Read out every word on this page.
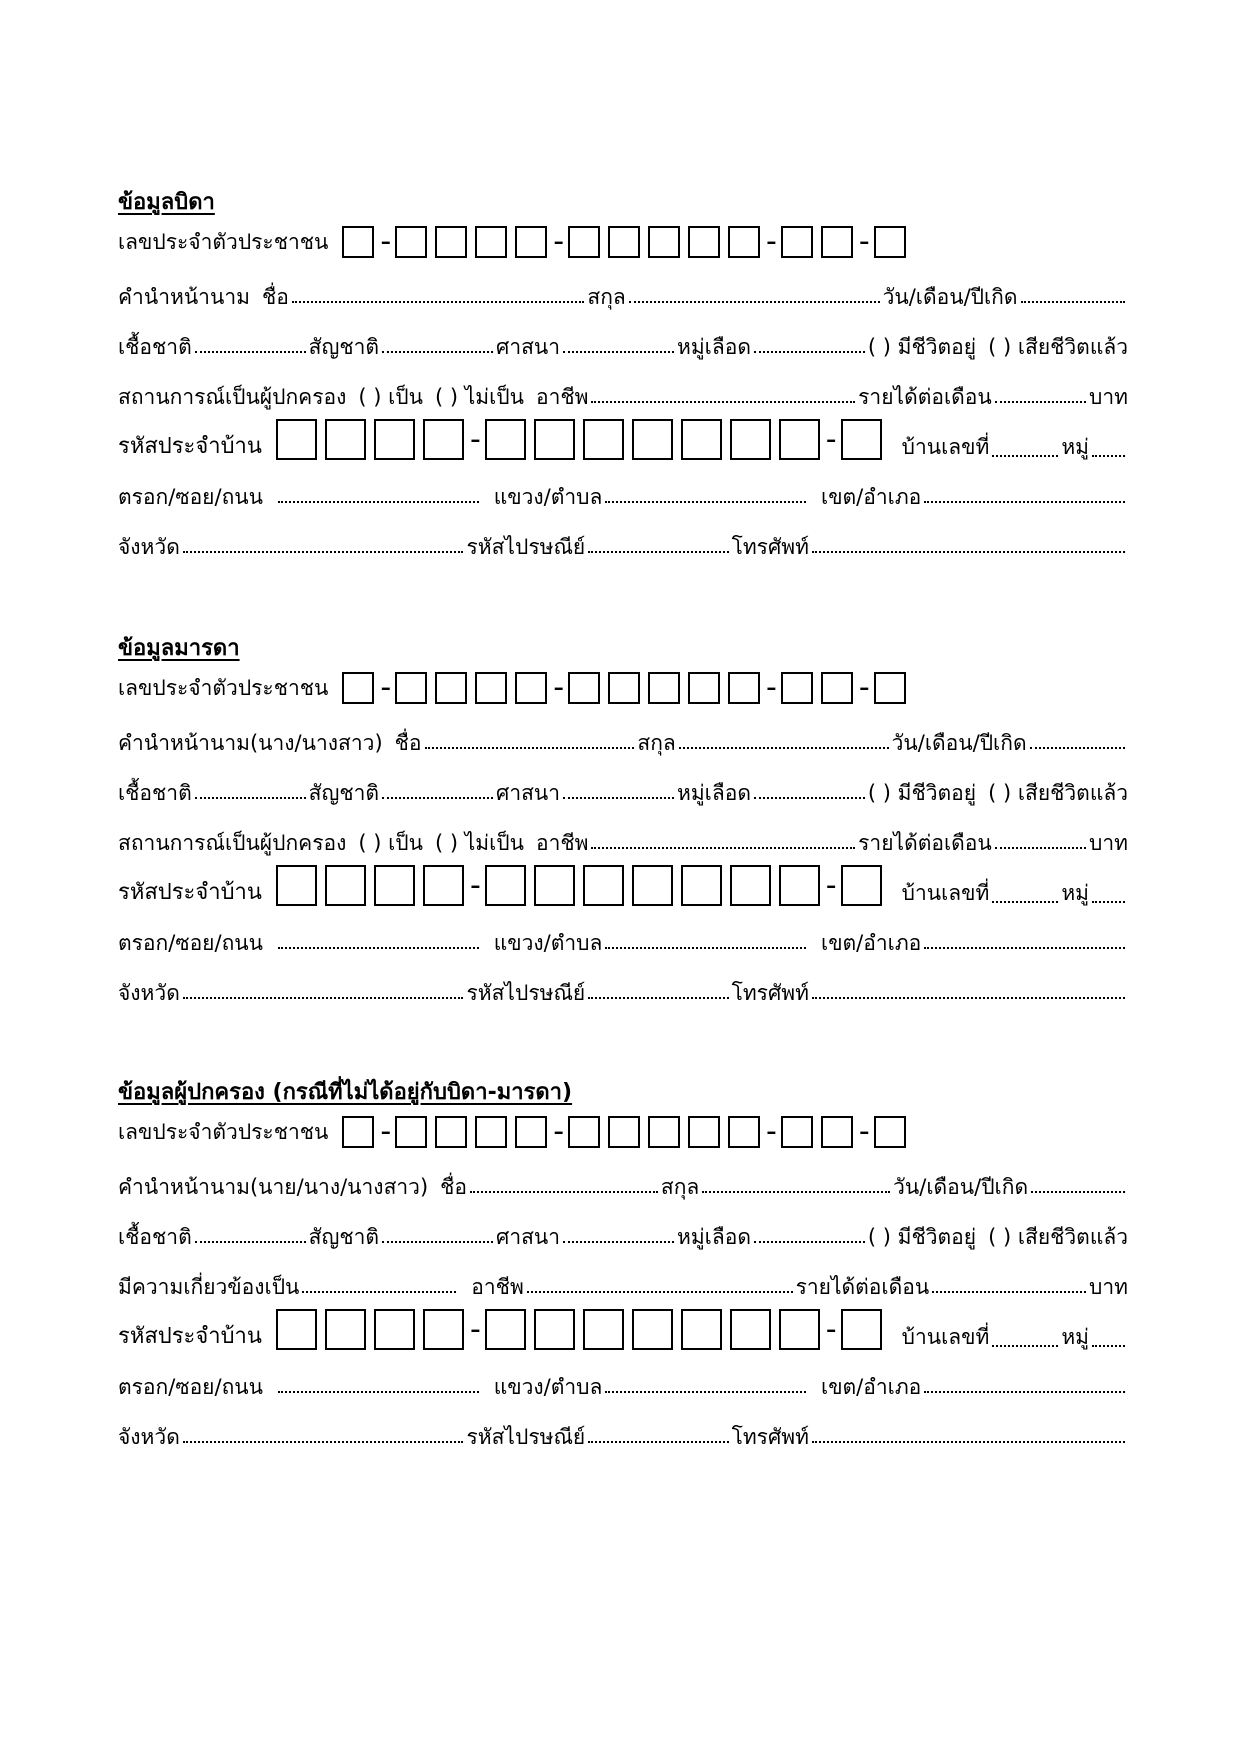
ข้อมูลบิดา
เลขประจำตัวประชาชน -	-	-	-
คำนำหน้านาม ชื่อ	สกุล	วัน/เดือน/ปีเกิด
เชื้อชาติ	สัญชาติ	ศาสนา	หมู่เลือด	( ) มีชีวิตอยู่ ( ) เสียชีวิตแล้ว
สถานการณ์เป็นผู้ปกครอง ( ) เป็น ( ) ไม่เป็น อาชีพ	รายได้ต่อเดือน	บาท
รหัสประจำบ้าน	-	-	บ้านเลขที่	หมู่
ตรอก/ซอย/ถนน	แขวง/ตำบล	เขต/อำเภอ
จังหวัด	รหัสไปรษณีย์	โทรศัพท์
ข้อมูลมารดา
เลขประจำตัวประชาชน -	-	-	-
คำนำหน้านาม(นาง/นางสาว) ชื่อ	สกุล	วัน/เดือน/ปีเกิด
เชื้อชาติ	สัญชาติ	ศาสนา	หมู่เลือด	( ) มีชีวิตอยู่ ( ) เสียชีวิตแล้ว
สถานการณ์เป็นผู้ปกครอง ( ) เป็น ( ) ไม่เป็น อาชีพ	รายได้ต่อเดือน	บาท
รหัสประจำบ้าน	-	-	บ้านเลขที่	หมู่
ตรอก/ซอย/ถนน	แขวง/ตำบล	เขต/อำเภอ
จังหวัด	รหัสไปรษณีย์	โทรศัพท์
ข้อมูลผู้ปกครอง (กรณีที่ไม่ได้อยู่กับบิดา-มารดา)
เลขประจำตัวประชาชน -	-	-	-
คำนำหน้านาม(นาย/นาง/นางสาว) ชื่อ	สกุล	วัน/เดือน/ปีเกิด
เชื้อชาติ	สัญชาติ	ศาสนา	หมู่เลือด	( ) มีชีวิตอยู่ ( ) เสียชีวิตแล้ว
มีความเกี่ยวข้องเป็น	อาชีพ	รายได้ต่อเดือน	บาท
รหัสประจำบ้าน	-	-	บ้านเลขที่	หมู่
ตรอก/ซอย/ถนน	แขวง/ตำบล	เขต/อำเภอ
จังหวัด	รหัสไปรษณีย์	โทรศัพท์
